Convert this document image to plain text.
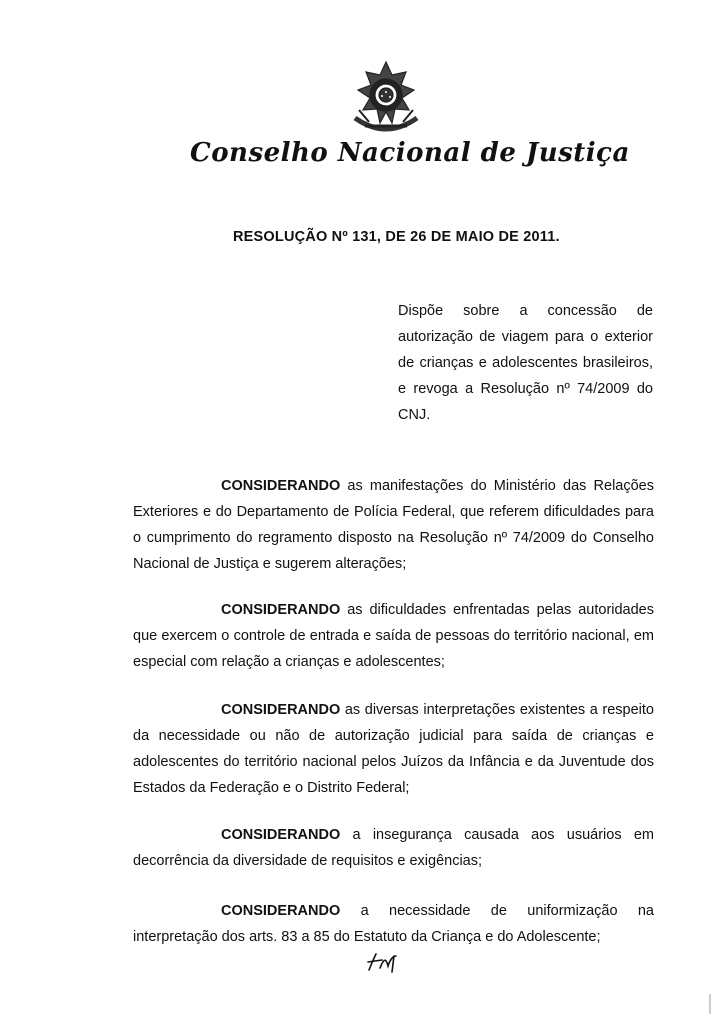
Conselho Nacional de Justiça
RESOLUÇÃO Nº 131, DE 26 DE MAIO DE 2011.

Dispõe sobre a concessão de autorização de viagem para o exterior de crianças e adolescentes brasileiros, e revoga a Resolução nº 74/2009 do CNJ.

CONSIDERANDO as manifestações do Ministério das Relações Exteriores e do Departamento de Polícia Federal, que referem dificuldades para o cumprimento do regramento disposto na Resolução nº 74/2009 do Conselho Nacional de Justiça e sugerem alterações;

CONSIDERANDO as dificuldades enfrentadas pelas autoridades que exercem o controle de entrada e saída de pessoas do território nacional, em especial com relação a crianças e adolescentes;

CONSIDERANDO as diversas interpretações existentes a respeito da necessidade ou não de autorização judicial para saída de crianças e adolescentes do território nacional pelos Juízos da Infância e da Juventude dos Estados da Federação e o Distrito Federal;

CONSIDERANDO a insegurança causada aos usuários em decorrência da diversidade de requisitos e exigências;

CONSIDERANDO a necessidade de uniformização na interpretação dos arts. 83 a 85 do Estatuto da Criança e do Adolescente;
